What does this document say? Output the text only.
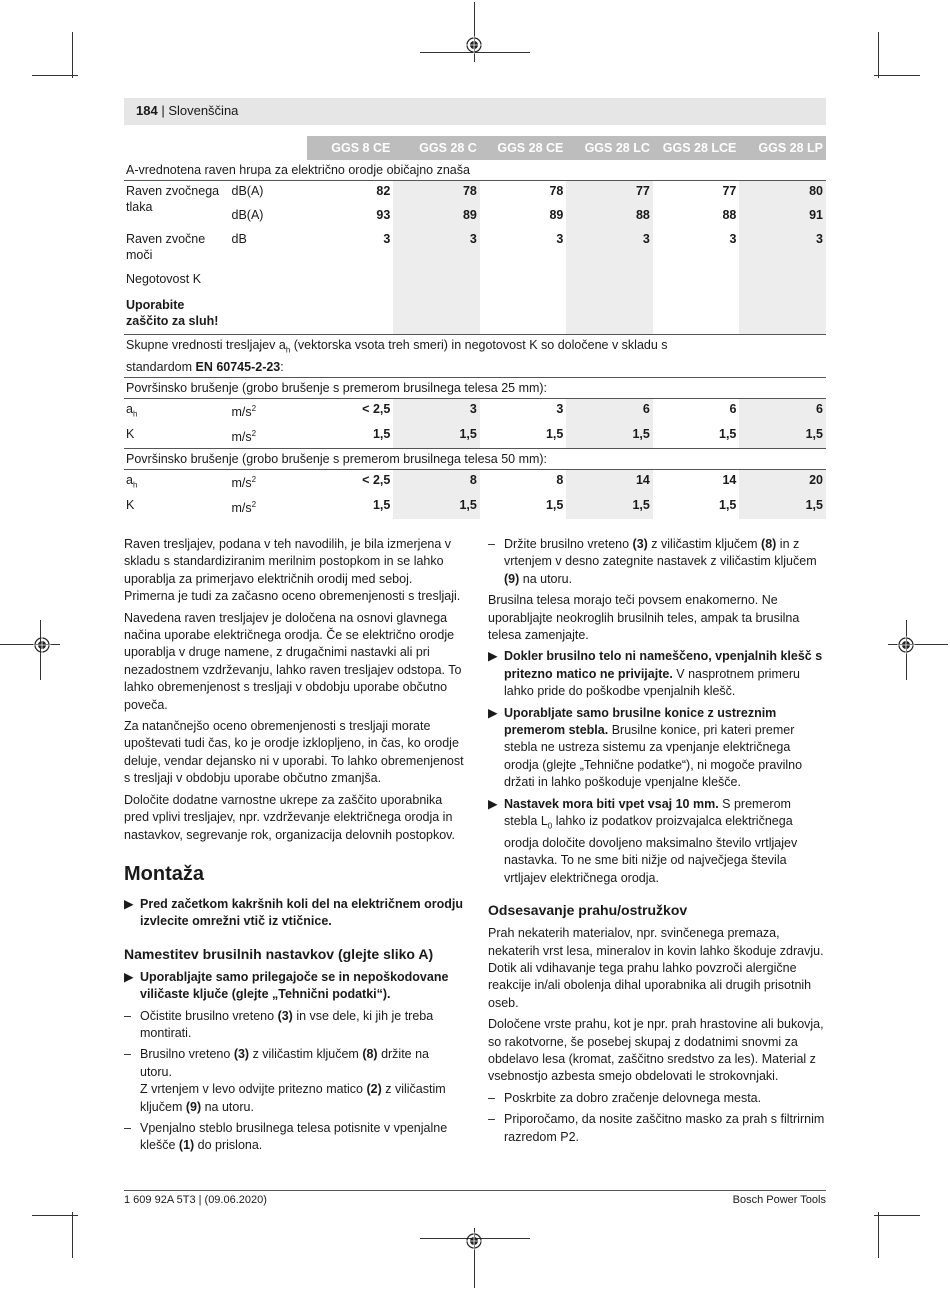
184 | Slovenščina
		GGS 8 CE	GGS 28 C	GGS 28 CE	GGS 28 LC	GGS 28 LCE	GGS 28 LP
A-vrednotena raven hrupa za električno orodje običajno znaša							
Raven zvočnega
tlaka	dB(A)	82	78	78	77	77	80
	dB(A)	93	89	89	88	88	91
Raven zvočne
moči	dB	3	3	3	3	3	3
Negotovost K							
Uporabite
zaščito za sluh!							
Skupne vrednosti tresljajev $a_h$ (vektorska vsota treh smeri) in negotovost K so določene v skladu s
standardom EN 60745-2-23:							
Površinsko brušenje (grobo brušenje s premerom brusilnega telesa 25 mm):							
$a_h$	$m/s^2$	< 2,5	3	3	6	6	6
K	$m/s^2$	1,5	1,5	1,5	1,5	1,5	1,5
Površinsko brušenje (grobo brušenje s premerom brusilnega telesa 50 mm):							
$a_h$	$m/s^2$	< 2,5	8	8	14	14	20
K	$m/s^2$	1,5	1,5	1,5	1,5	1,5	1,5

Raven tresljajev, podana v teh navodilih, je bila izmerjena v skladu s standardiziranim merilnim postopkom in se lahko uporablja za primerjavo električnih orodij med seboj. Primerna je tudi za začasno oceno obremenjenosti s tresljaji.

Navedena raven tresljajev je določena na osnovi glavnega načina uporabe električnega orodja. Če se električno orodje uporablja v druge namene, z drugačnimi nastavki ali pri nezadostnem vzdrževanju, lahko raven tresljajev odstopa. To lahko obremenjenost s tresljaji v obdobju uporabe občutno poveča.

Za natančnejšo oceno obremenjenosti s tresljaji morate upoštevati tudi čas, ko je orodje izklopljeno, in čas, ko orodje deluje, vendar dejansko ni v uporabi. To lahko obremenjenost s tresljaji v obdobju uporabe občutno zmanjša.

Določite dodatne varnostne ukrepe za zaščito uporabnika pred vplivi tresljajev, npr. vzdrževanje električnega orodja in nastavkov, segrevanje rok, organizacija delovnih postopkov.

Montaža
▶ Pred začetkom kakršnih koli del na električnem orodju izvlecite omrežni vtič iz vtičnice.
Namestitev brusilnih nastavkov (glejte sliko A)
▶ Uporabljajte samo prilegajoče se in nepoškodovane viličaste ključe (glejte „Tehnični podatki“).
– Očistite brusilno vreteno (3) in vse dele, ki jih je treba montirati.
– Brusilno vreteno (3) z viličastim ključem (8) držite na utoru.
Z vrtenjem v levo odvijte pritezno matico (2) z viličastim ključem (9) na utoru.
– Vpenjalno steblo brusilnega telesa potisnite v vpenjalne klešče (1) do prislona.
– Držite brusilno vreteno (3) z viličastim ključem (8) in z vrtenjem v desno zategnite nastavek z viličastim ključem (9) na utoru.

Brusilna telesa morajo teči povsem enakomerno. Ne uporabljajte neokroglih brusilnih teles, ampak ta brusilna telesa zamenjajte.

▶ Dokler brusilno telo ni nameščeno, vpenjalnih klešč s pritezno matico ne privijajte. V nasprotnem primeru lahko pride do poškodbe vpenjalnih klešč.
▶ Uporabljate samo brusilne konice z ustreznim premerom stebla. Brusilne konice, pri kateri premer stebla ne ustreza sistemu za vpenjanje električnega orodja (glejte „Tehnične podatke“), ni mogoče pravilno držati in lahko poškoduje vpenjalne klešče.
▶ Nastavek mora biti vpet vsaj 10 mm. S premerom stebla $L_0$ lahko iz podatkov proizvajalca električnega orodja določite dovoljeno maksimalno število vrtljajev nastavka. To ne sme biti nižje od največjega števila vrtljajev električnega orodja.
Odsesavanje prahu/ostružkov

Prah nekaterih materialov, npr. svinčenega premaza, nekaterih vrst lesa, mineralov in kovin lahko škoduje zdravju. Dotik ali vdihavanje tega prahu lahko povzroči alergične reakcije in/ali obolenja dihal uporabnika ali drugih prisotnih oseb.

Določene vrste prahu, kot je npr. prah hrastovine ali bukovja, so rakotvorne, še posebej skupaj z dodatnimi snovmi za obdelavo lesa (kromat, zaščitno sredstvo za les). Material z vsebnostjo azbesta smejo obdelovati le strokovnjaki.

– Poskrbite za dobro zračenje delovnega mesta.
– Priporočamo, da nosite zaščitno masko za prah s filtrirnim razredom P2.
1 609 92A 5T3 | (09.06.2020)	Bosch Power Tools
